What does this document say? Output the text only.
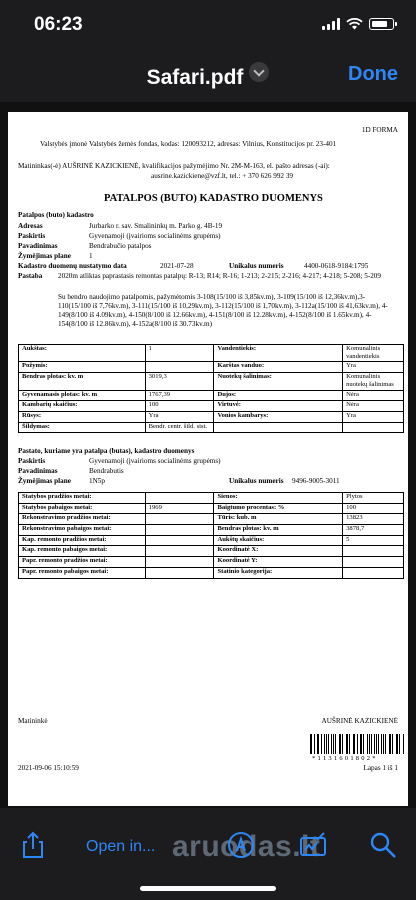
06:23
Safari.pdf	Done
1D FORMA
Valstybės įmonė Valstybės žemės fondas, kodas: 120093212, adresas: Vilnius, Konstitucijos pr. 23-401
Matininkas(-ė) AUŠRINĖ KAZICKIENĖ, kvalifikacijos pažymėjimo Nr. 2M-M-163, el. pašto adresas (-ai):
ausrine.kazickiene@vzf.lt, tel.: + 370 626 992 39
PATALPOS (BUTO) KADASTRO DUOMENYS
Patalpos (buto) kadastro
Adresas	Jurbarko r. sav. Smalininkų m. Parko g. 4B-19
Paskirtis	Gyvenamoji (įvairioms socialinėms grupėms)
Pavadinimas	Bendrabučio patalpos
Žymėjimas plane	1
Kadastro duomenų nustatymo data	2021-07-28	Unikalus numeris	4400-0618-9184:1795
Pastaba 2020m atliktas paprastasis remontas patalpų: R-13; R14; R-16; 1-213; 2-215; 2-216; 4-217; 4-218; 5-208; 5-209
Su bendro naudojimo patalpomis, pažymėtomis 3-108(15/100 iš 3,85kv.m), 3-109(15/100 iš 12,36kv.m),3-110(15/100 iš 7,76kv.m), 3-111(15/100 iš 10,29kv.m), 3-112(15/100 iš 1,70kv.m), 3-112a(15/100 iš 41,63kv.m), 4-149(8/100 iš 4.09kv.m), 4-150(8/100 iš 12.66kv.m), 4-151(8/100 iš 12.28kv.m), 4-152(8/100 iš 1.65kv.m), 4-154(8/100 iš 12.86kv.m), 4-152a(8/100 iš 30.73kv.m)
Aukštas:	1	Vandentiekis:	Komunalinis vandentiekis
Požymis:		Karštas vanduo:	Yra
Bendras plotas: kv. m	3019,3	Nuotekų šalinimas:	Komunalinis nuotekų šalinimas
Gyvenamasis plotas: kv. m	1767,39	Dujos:	Nėra
Kambarių skaičius:	100	Virtuvė:	Nėra
Rūsys:	Yra	Vonios kambarys:	Yra
Šildymas:	Bendr. centr. šild. sist.		
Pastato, kuriame yra patalpa (butas), kadastro duomenys
Paskirtis	Gyvenamoji (įvairioms socialinėms grupėms)
Pavadinimas	Bendrabutis
Žymėjimas plane	1N5p	Unikalus numeris 9496-9005-3011
Statybos pradžios metai:		Sienos:	Plytos
Statybos pabaigos metai:	1969	Baigtumo procentas: %	100
Rekonstravimo pradžios metai:		Tūris: kub. m	13823
Rekonstravimo pabaigos metai:		Bendras plotas: kv. m	3878,7
Kap. remonto pradžios metai:		Aukštų skaičius:	5
Kap. remonto pabaigos metai:		Koordinatė X:	
Papr. remonto pradžios metai:		Koordinatė Y:	
Papr. remonto pabaigos metai:		Statinio kategorija:	
Matininkė	AUŠRINĖ KAZICKIENĖ
* 1 1 3 1 6 0 1 8 0 2 *
2021-09-06 15:10:59	Lapas 1 iš 1
Open in... aruodas.lt
